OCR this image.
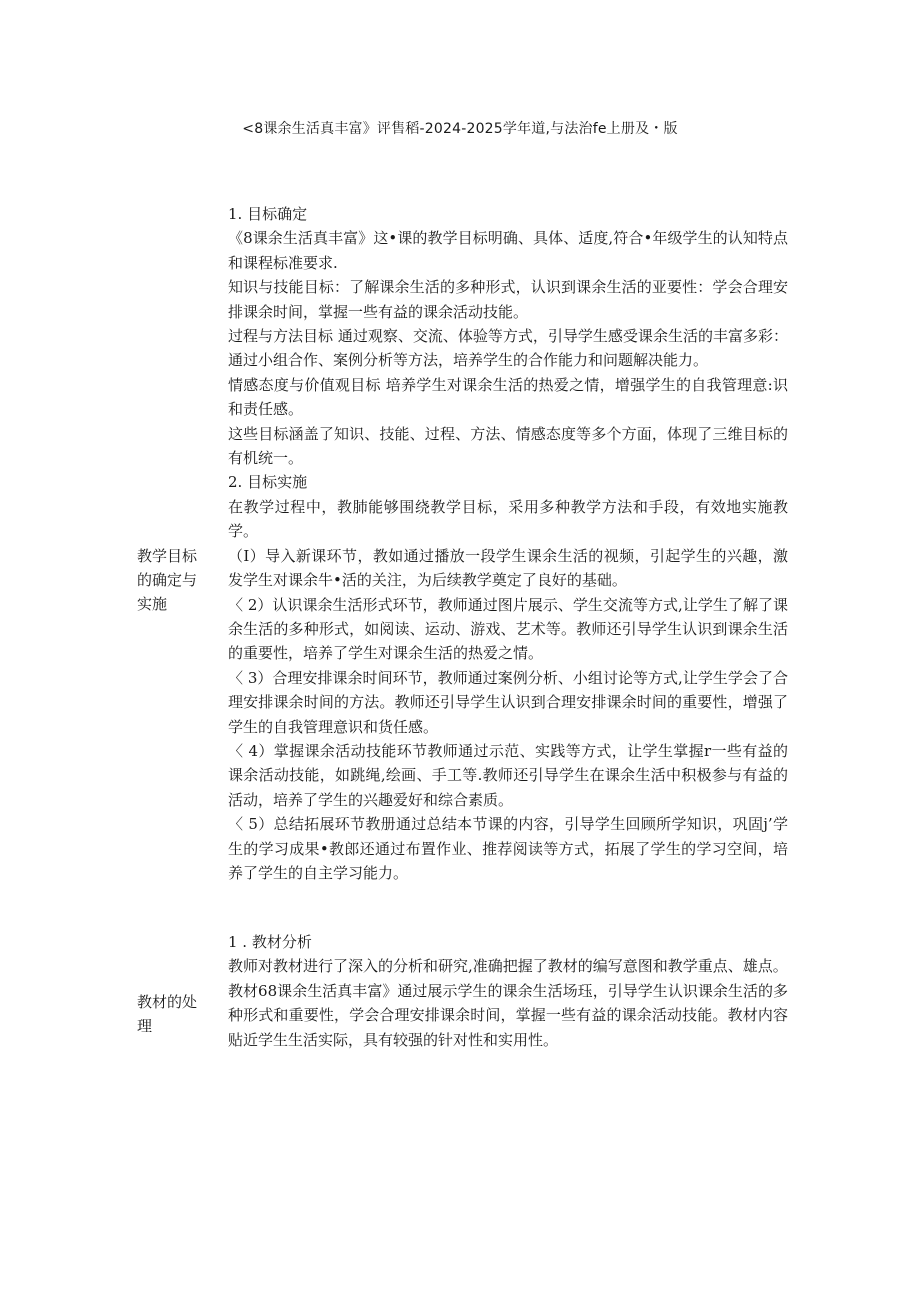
<8课余生活真丰富》评售稻-2024-2025学年道,与法治fe上册及・版
教学目标的确定与实施

1. 目标确定

《8课余生活真丰富》这•课的教学目标明确、具体、适度,符合•年级学生的认知特点和课程标准要求.

知识与技能目标：了解课余生活的多种形式，认识到课余生活的亚要性：学会合理安排课余时间，掌握一些有益的课余活动技能。

过程与方法目标 通过观察、交流、体验等方式，引导学生感受课余生活的丰富多彩：通过小组合作、案例分析等方法，培养学生的合作能力和问题解决能力。

情感态度与价值观目标 培养学生对课余生活的热爱之情，增强学生的自我管理意:识和责任感。

这些目标涵盖了知识、技能、过程、方法、情感态度等多个方面，体现了三维目标的有机统一。

2. 目标实施

在教学过程中，教肺能够围绕教学目标，采用多种教学方法和手段，有效地实施教学。

（I）导入新课环节，教如通过播放一段学生课余生活的视频，引起学生的兴趣，激发学生对课余牛•活的关注，为后续教学奠定了良好的基础。

〈 2）认识课余生活形式环节，教师通过图片展示、学生交流等方式,让学生了解了课余生活的多种形式，如阅读、运动、游戏、艺术等。教师还引导学生认识到课余生活的重要性，培养了学生对课余生活的热爱之情。

〈 3）合理安排课余时间环节，教师通过案例分析、小组讨论等方式,让学生学会了合理安排课余时间的方法。教师还引导学生认识到合理安排课余时间的重要性，增强了学生的自我管理意识和货任感。

〈 4）掌握课余活动技能环节教师通过示范、实践等方式，让学生掌握r一些有益的课余活动技能，如跳绳,绘画、手工等.教师还引导学生在课余生活中积极参与有益的活动，培养了学生的兴趣爱好和综合素质。

〈 5）总结拓展环节教册通过总结本节课的内容，引导学生回顾所学知识，巩固j’学生的学习成果•教郎还通过布置作业、推荐阅读等方式，拓展了学生的学习空间，培养了学生的自主学习能力。

教材的处理

1 . 教材分析

教师对教材进行了深入的分析和研究,准确把握了教材的编写意图和教学重点、雄点。

教材68课余生活真丰富》通过展示学生的课余生活场珏，引导学生认识课余生活的多种形式和重要性，学会合理安排课余时间，掌握一些有益的课余活动技能。教材内容贴近学生生活实际，具有较强的针对性和实用性。
